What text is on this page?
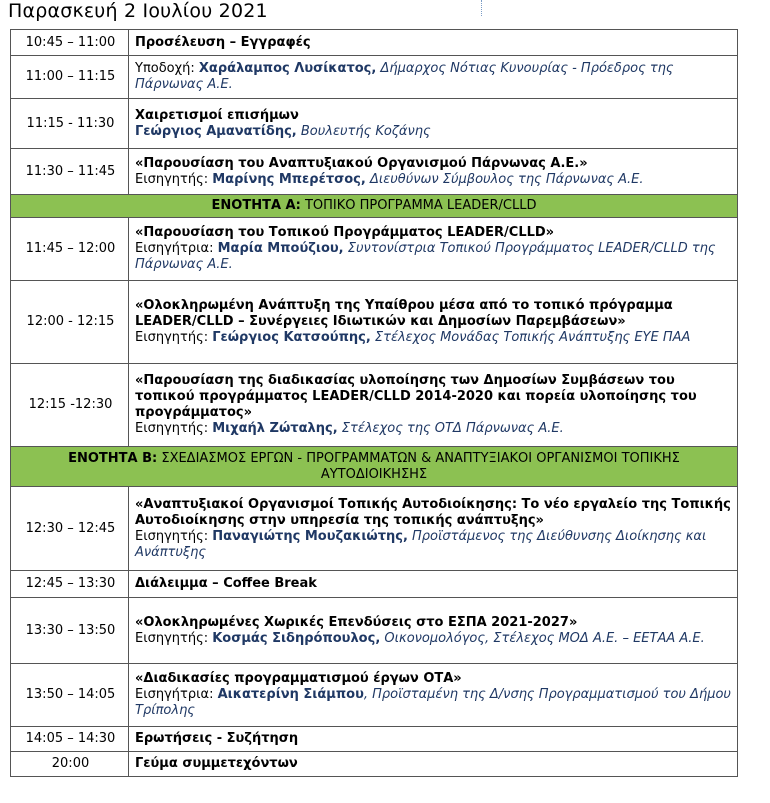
Παρασκευή 2 Ιουλίου 2021
10:45 – 11:00	Προσέλευση – Εγγραφές
11:00 – 11:15	Υποδοχή: Χαράλαμπος Λυσίκατος, Δήμαρχος Νότιας Κυνουρίας - Πρόεδρος της Πάρνωνας Α.Ε.
11:15 - 11:30	Χαιρετισμοί επισήμων
Γεώργιος Αμανατίδης, Βουλευτής Κοζάνης
11:30 – 11:45	«Παρουσίαση του Αναπτυξιακού Οργανισμού Πάρνωνας Α.Ε.»
Εισηγητής: Μαρίνης Μπερέτσος, Διευθύνων Σύμβουλος της Πάρνωνας Α.Ε.
ΕΝΟΤΗΤΑ Α: ΤΟΠΙΚΟ ΠΡΟΓΡΑΜΜΑ LEADER/CLLD	
11:45 – 12:00	«Παρουσίαση του Τοπικού Προγράμματος LEADER/CLLD»
Εισηγήτρια: Μαρία Μπούζιου, Συντονίστρια Τοπικού Προγράμματος LEADER/CLLD της Πάρνωνας Α.Ε.
12:00 - 12:15	«Ολοκληρωμένη Ανάπτυξη της Υπαίθρου μέσα από το τοπικό πρόγραμμα LEADER/CLLD – Συνέργειες Ιδιωτικών και Δημοσίων Παρεμβάσεων»
Εισηγητής: Γεώργιος Κατσούπης, Στέλεχος Μονάδας Τοπικής Ανάπτυξης ΕΥΕ ΠΑΑ
12:15 -12:30	«Παρουσίαση της διαδικασίας υλοποίησης των Δημοσίων Συμβάσεων του τοπικού προγράμματος LEADER/CLLD 2014-2020 και πορεία υλοποίησης του προγράμματος»
Εισηγητής: Μιχαήλ Ζώταλης, Στέλεχος της ΟΤΔ Πάρνωνας Α.Ε.
ΕΝΟΤΗΤΑ Β: ΣΧΕΔΙΑΣΜΟΣ ΕΡΓΩΝ - ΠΡΟΓΡΑΜΜΑΤΩΝ & ΑΝΑΠΤΥΞΙΑΚΟΙ ΟΡΓΑΝΙΣΜΟΙ ΤΟΠΙΚΗΣ ΑΥΤΟΔΙΟΙΚΗΣΗΣ	
12:30 – 12:45	«Αναπτυξιακοί Οργανισμοί Τοπικής Αυτοδιοίκησης: Το νέο εργαλείο της Τοπικής Αυτοδιοίκησης στην υπηρεσία της τοπικής ανάπτυξης»
Εισηγητής: Παναγιώτης Μουζακιώτης, Προϊστάμενος της Διεύθυνσης Διοίκησης και Ανάπτυξης
12:45 – 13:30	Διάλειμμα – Coffee Break
13:30 – 13:50	«Ολοκληρωμένες Χωρικές Επενδύσεις στο ΕΣΠΑ 2021-2027»
Εισηγητής: Κοσμάς Σιδηρόπουλος, Οικονομολόγος, Στέλεχος ΜΟΔ Α.Ε. – ΕΕΤΑΑ Α.Ε.
13:50 – 14:05	«Διαδικασίες προγραμματισμού έργων ΟΤΑ»
Εισηγήτρια: Αικατερίνη Σιάμπου, Προϊσταμένη της Δ/νσης Προγραμματισμού του Δήμου Τρίπολης
14:05 – 14:30	Ερωτήσεις - Συζήτηση
20:00	Γεύμα συμμετεχόντων
